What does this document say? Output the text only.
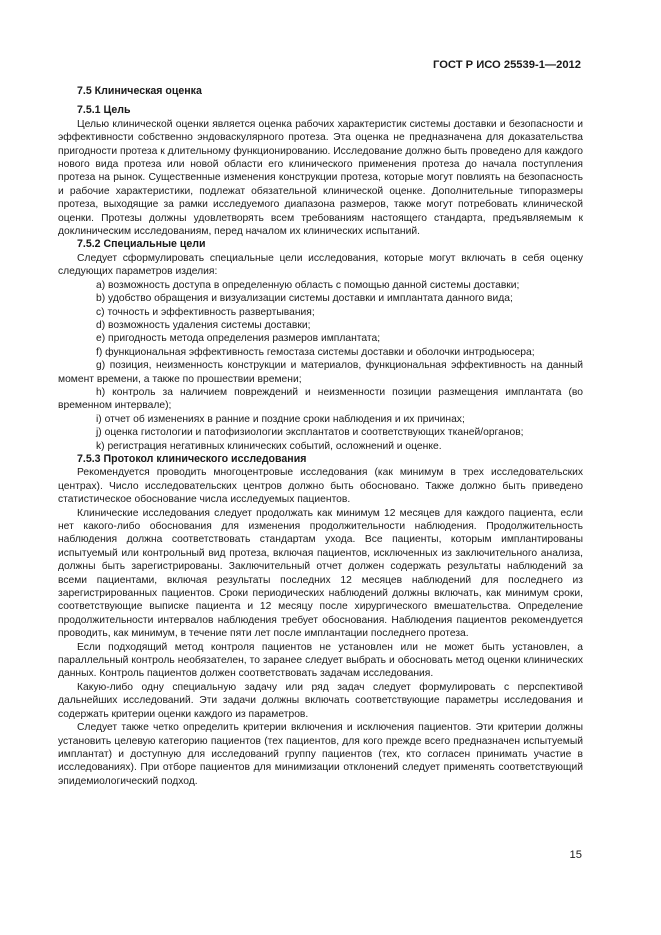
ГОСТ Р ИСО 25539-1—2012
7.5 Клиническая оценка
7.5.1 Цель

Целью клинической оценки является оценка рабочих характеристик системы доставки и безопасности и эффективности собственно эндоваскулярного протеза. Эта оценка не предназначена для доказательства пригодности протеза к длительному функционированию. Исследование должно быть проведено для каждого нового вида протеза или новой области его клинического применения протеза до начала поступления протеза на рынок. Существенные изменения конструкции протеза, которые могут повлиять на безопасность и рабочие характеристики, подлежат обязательной клинической оценке. Дополнительные типоразмеры протеза, выходящие за рамки исследуемого диапазона размеров, также могут потребовать клинической оценки. Протезы должны удовлетворять всем требованиям настоящего стандарта, предъявляемым к доклиническим исследованиям, перед началом их клинических испытаний.

7.5.2 Специальные цели

Следует сформулировать специальные цели исследования, которые могут включать в себя оценку следующих параметров изделия:

a) возможность доступа в определенную область с помощью данной системы доставки;
b) удобство обращения и визуализации системы доставки и имплантата данного вида;
c) точность и эффективность развертывания;
d) возможность удаления системы доставки;
e) пригодность метода определения размеров имплантата;
f) функциональная эффективность гемостаза системы доставки и оболочки интродьюсера;
g) позиция, неизменность конструкции и материалов, функциональная эффективность на данный момент времени, а также по прошествии времени;
h) контроль за наличием повреждений и неизменности позиции размещения имплантата (во временном интервале);
i) отчет об изменениях в ранние и поздние сроки наблюдения и их причинах;
j) оценка гистологии и патофизиологии эксплантатов и соответствующих тканей/органов;
k) регистрация негативных клинических событий, осложнений и оценке.
7.5.3 Протокол клинического исследования

Рекомендуется проводить многоцентровые исследования (как минимум в трех исследовательских центрах). Число исследовательских центров должно быть обосновано. Также должно быть приведено статистическое обоснование числа исследуемых пациентов.

Клинические исследования следует продолжать как минимум 12 месяцев для каждого пациента, если нет какого-либо обоснования для изменения продолжительности наблюдения. Продолжительность наблюдения должна соответствовать стандартам ухода. Все пациенты, которым имплантированы испытуемый или контрольный вид протеза, включая пациентов, исключенных из заключительного анализа, должны быть зарегистрированы. Заключительный отчет должен содержать результаты наблюдений за всеми пациентами, включая результаты последних 12 месяцев наблюдений для последнего из зарегистрированных пациентов. Сроки периодических наблюдений должны включать, как минимум сроки, соответствующие выписке пациента и 12 месяцу после хирургического вмешательства. Определение продолжительности интервалов наблюдения требует обоснования. Наблюдения пациентов рекомендуется проводить, как минимум, в течение пяти лет после имплантации последнего протеза.

Если подходящий метод контроля пациентов не установлен или не может быть установлен, а параллельный контроль необязателен, то заранее следует выбрать и обосновать метод оценки клинических данных. Контроль пациентов должен соответствовать задачам исследования.

Какую-либо одну специальную задачу или ряд задач следует формулировать с перспективой дальнейших исследований. Эти задачи должны включать соответствующие параметры исследования и содержать критерии оценки каждого из параметров.

Следует также четко определить критерии включения и исключения пациентов. Эти критерии должны установить целевую категорию пациентов (тех пациентов, для кого прежде всего предназначен испытуемый имплантат) и доступную для исследований группу пациентов (тех, кто согласен принимать участие в исследованиях). При отборе пациентов для минимизации отклонений следует применять соответствующий эпидемиологический подход.

15
